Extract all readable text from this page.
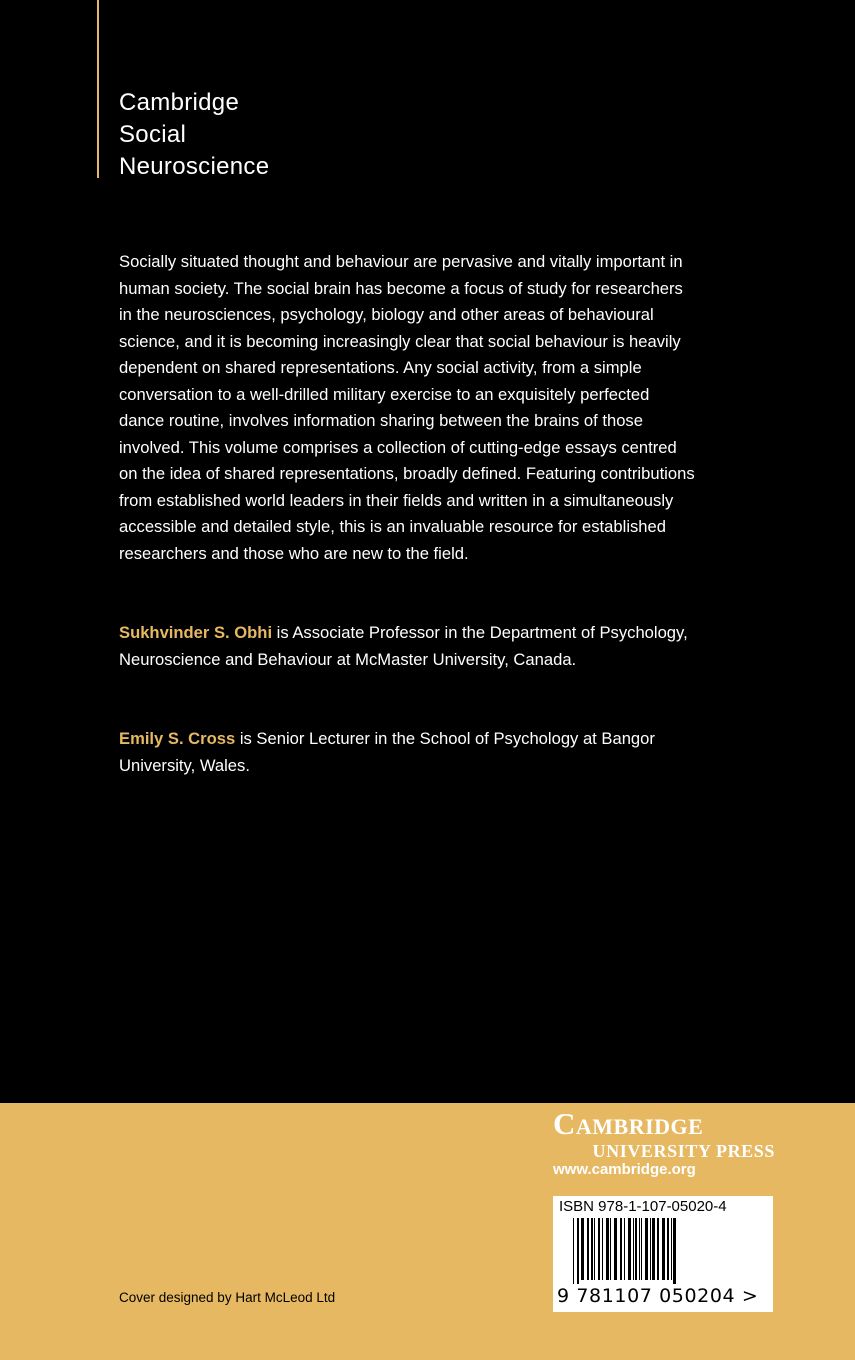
Cambridge
Social
Neuroscience

Socially situated thought and behaviour are pervasive and vitally important in human society. The social brain has become a focus of study for researchers in the neurosciences, psychology, biology and other areas of behavioural science, and it is becoming increasingly clear that social behaviour is heavily dependent on shared representations. Any social activity, from a simple conversation to a well-drilled military exercise to an exquisitely perfected dance routine, involves information sharing between the brains of those involved. This volume comprises a collection of cutting-edge essays centred on the idea of shared representations, broadly defined. Featuring contributions from established world leaders in their fields and written in a simultaneously accessible and detailed style, this is an invaluable resource for established researchers and those who are new to the field.

Sukhvinder S. Obhi is Associate Professor in the Department of Psychology, Neuroscience and Behaviour at McMaster University, Canada.

Emily S. Cross is Senior Lecturer in the School of Psychology at Bangor University, Wales.

Cambridge
UNIVERSITY PRESS
www.cambridge.org
ISBN 978-1-107-05020-4
9 781107 050204 >
Cover designed by Hart McLeod Ltd
